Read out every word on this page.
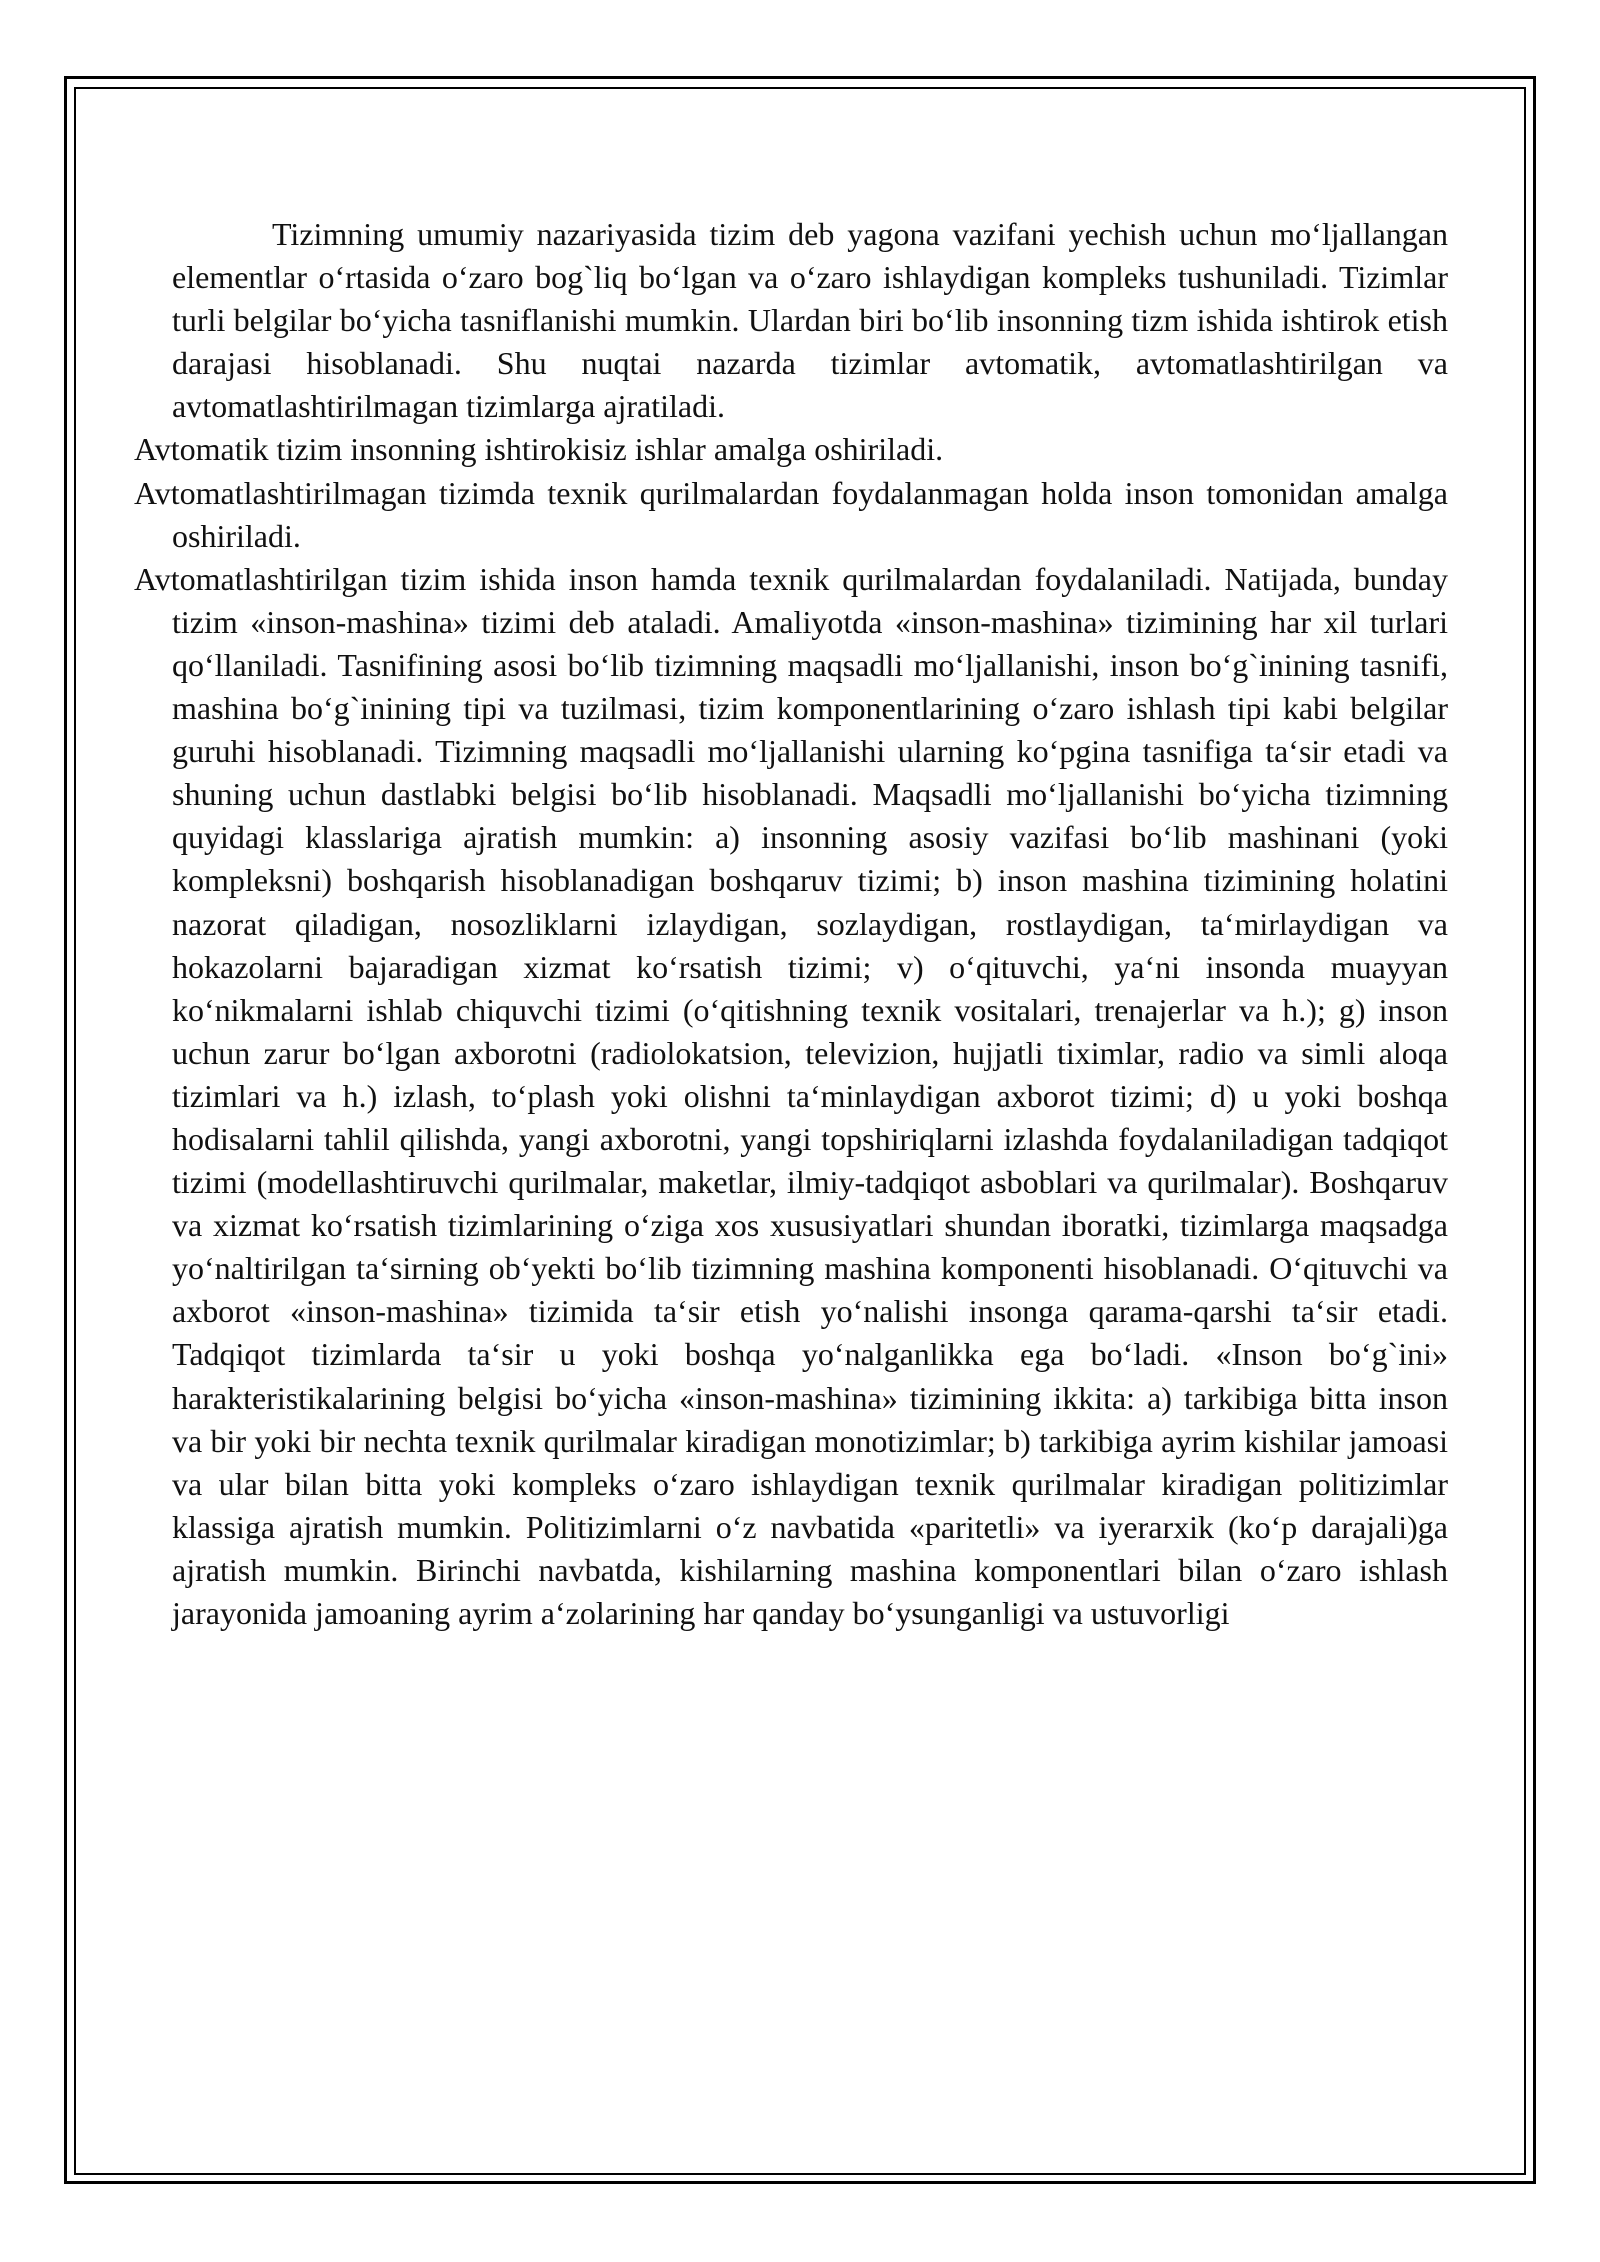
Tizimning umumiy nazariyasida tizim deb yagona vazifani yechish uchun mo‘ljallangan elementlar o‘rtasida o‘zaro bog`liq bo‘lgan va o‘zaro ishlaydigan kompleks tushuniladi. Tizimlar turli belgilar bo‘yicha tasniflanishi mumkin. Ulardan biri bo‘lib insonning tizm ishida ishtirok etish darajasi hisoblanadi. Shu nuqtai nazarda tizimlar avtomatik, avtomatlashtirilgan va avtomatlashtirilmagan tizimlarga ajratiladi.

Avtomatik tizim insonning ishtirokisiz ishlar amalga oshiriladi.

Avtomatlashtirilmagan tizimda texnik qurilmalardan foydalanmagan holda inson tomonidan amalga oshiriladi.

Avtomatlashtirilgan tizim ishida inson hamda texnik qurilmalardan foydalaniladi. Natijada, bunday tizim «inson-mashina» tizimi deb ataladi. Amaliyotda «inson-mashina» tizimining har xil turlari qo‘llaniladi. Tasnifining asosi bo‘lib tizimning maqsadli mo‘ljallanishi, inson bo‘g`inining tasnifi, mashina bo‘g`inining tipi va tuzilmasi, tizim komponentlarining o‘zaro ishlash tipi kabi belgilar guruhi hisoblanadi. Tizimning maqsadli mo‘ljallanishi ularning ko‘pgina tasnifiga ta‘sir etadi va shuning uchun dastlabki belgisi bo‘lib hisoblanadi. Maqsadli mo‘ljallanishi bo‘yicha tizimning quyidagi klasslariga ajratish mumkin: a) insonning asosiy vazifasi bo‘lib mashinani (yoki kompleksni) boshqarish hisoblanadigan boshqaruv tizimi; b) inson mashina tizimining holatini nazorat qiladigan, nosozliklarni izlaydigan, sozlaydigan, rostlaydigan, ta‘mirlaydigan va hokazolarni bajaradigan xizmat ko‘rsatish tizimi; v) o‘qituvchi, ya‘ni insonda muayyan ko‘nikmalarni ishlab chiquvchi tizimi (o‘qitishning texnik vositalari, trenajerlar va h.); g) inson uchun zarur bo‘lgan axborotni (radiolokatsion, televizion, hujjatli tiximlar, radio va simli aloqa tizimlari va h.) izlash, to‘plash yoki olishni ta‘minlaydigan axborot tizimi; d) u yoki boshqa hodisalarni tahlil qilishda, yangi axborotni, yangi topshiriqlarni izlashda foydalaniladigan tadqiqot tizimi (modellashtiruvchi qurilmalar, maketlar, ilmiy-tadqiqot asboblari va qurilmalar). Boshqaruv va xizmat ko‘rsatish tizimlarining o‘ziga xos xususiyatlari shundan iboratki, tizimlarga maqsadga yo‘naltirilgan ta‘sirning ob‘yekti bo‘lib tizimning mashina komponenti hisoblanadi. O‘qituvchi va axborot «inson-mashina» tizimida ta‘sir etish yo‘nalishi insonga qarama-qarshi ta‘sir etadi. Tadqiqot tizimlarda ta‘sir u yoki boshqa yo‘nalganlikka ega bo‘ladi. «Inson bo‘g`ini» harakteristikalarining belgisi bo‘yicha «inson-mashina» tizimining ikkita: a) tarkibiga bitta inson va bir yoki bir nechta texnik qurilmalar kiradigan monotizimlar; b) tarkibiga ayrim kishilar jamoasi va ular bilan bitta yoki kompleks o‘zaro ishlaydigan texnik qurilmalar kiradigan politizimlar klassiga ajratish mumkin. Politizimlarni o‘z navbatida «paritetli» va iyerarxik (ko‘p darajali)ga ajratish mumkin. Birinchi navbatda, kishilarning mashina komponentlari bilan o‘zaro ishlash jarayonida jamoaning ayrim a‘zolarining har qanday bo‘ysunganligi va ustuvorligi
